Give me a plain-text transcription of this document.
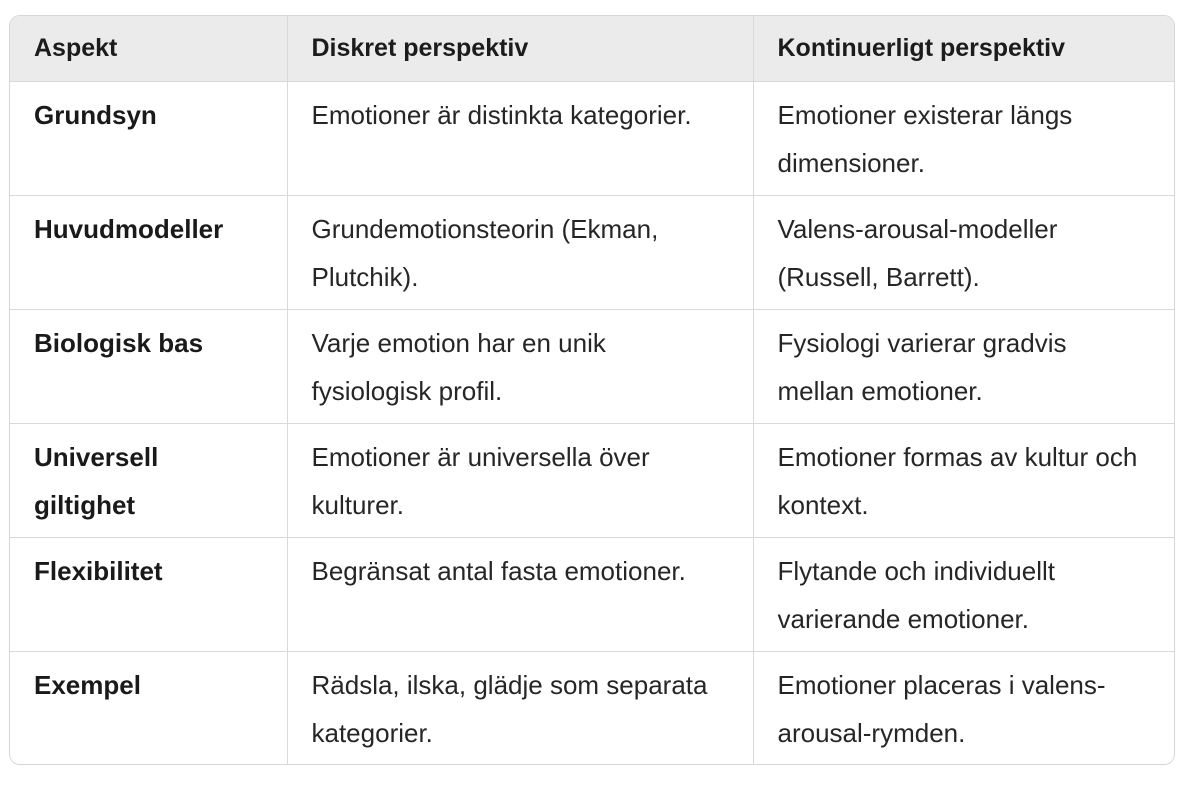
Aspekt	Diskret perspektiv	Kontinuerligt perspektiv
Grundsyn	Emotioner är distinkta kategorier.	Emotioner existerar längs dimensioner.
Huvudmodeller	Grundemotionsteorin (Ekman, Plutchik).	Valens-arousal-modeller (Russell, Barrett).
Biologisk bas	Varje emotion har en unik fysiologisk profil.	Fysiologi varierar gradvis mellan emotioner.
Universell giltighet	Emotioner är universella över kulturer.	Emotioner formas av kultur och kontext.
Flexibilitet	Begränsat antal fasta emotioner.	Flytande och individuellt varierande emotioner.
Exempel	Rädsla, ilska, glädje som separata kategorier.	Emotioner placeras i valens-arousal-rymden.
